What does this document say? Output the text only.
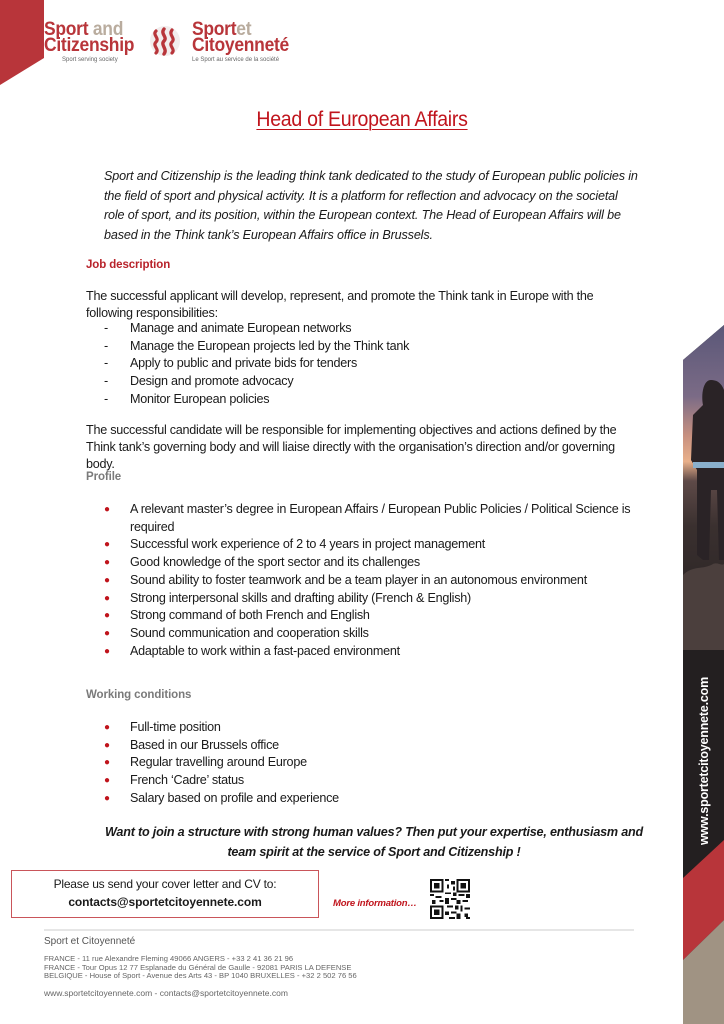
Sport and
Citizenship
Sport serving society
Sportet
Citoyenneté
Le Sport au service de la société
Head of European Affairs

Sport and Citizenship is the leading think tank dedicated to the study of European public policies in the field of sport and physical activity. It is a platform for reflection and advocacy on the societal role of sport, and its position, within the European context. The Head of European Affairs will be based in the Think tank’s European Affairs office in Brussels.

Job description

The successful applicant will develop, represent, and promote the Think tank in Europe with the following responsibilities:

-	Manage and animate European networks
-	Manage the European projects led by the Think tank
-	Apply to public and private bids for tenders
-	Design and promote advocacy
-	Monitor European policies

The successful candidate will be responsible for implementing objectives and actions defined by the Think tank’s governing body and will liaise directly with the organisation’s direction and/or governing body.

Profile
●	A relevant master’s degree in European Affairs / European Public Policies / Political Science is required
●	Successful work experience of 2 to 4 years in project management
●	Good knowledge of the sport sector and its challenges
●	Sound ability to foster teamwork and be a team player in an autonomous environment
●	Strong interpersonal skills and drafting ability (French & English)
●	Strong command of both French and English
●	Sound communication and cooperation skills
●	Adaptable to work within a fast-paced environment
Working conditions
●	Full-time position
●	Based in our Brussels office
●	Regular travelling around Europe
●	French ‘Cadre’ status
●	Salary based on profile and experience

Want to join a structure with strong human values? Then put your expertise, enthusiasm and team spirit at the service of Sport and Citizenship !

Please us send your cover letter and CV to:
contacts@sportetcitoyennete.com	More information…
Sport et Citoyenneté
FRANCE - 11 rue Alexandre Fleming 49066 ANGERS - +33 2 41 36 21 96
FRANCE - Tour Opus 12 77 Esplanade du Général de Gaulle - 92081 PARIS LA DEFENSE
BELGIQUE - House of Sport - Avenue des Arts 43 - BP 1040 BRUXELLES - +32 2 502 76 56
www.sportetcitoyennete.com - contacts@sportetcitoyennete.com
www.sportetcitoyennete.com
